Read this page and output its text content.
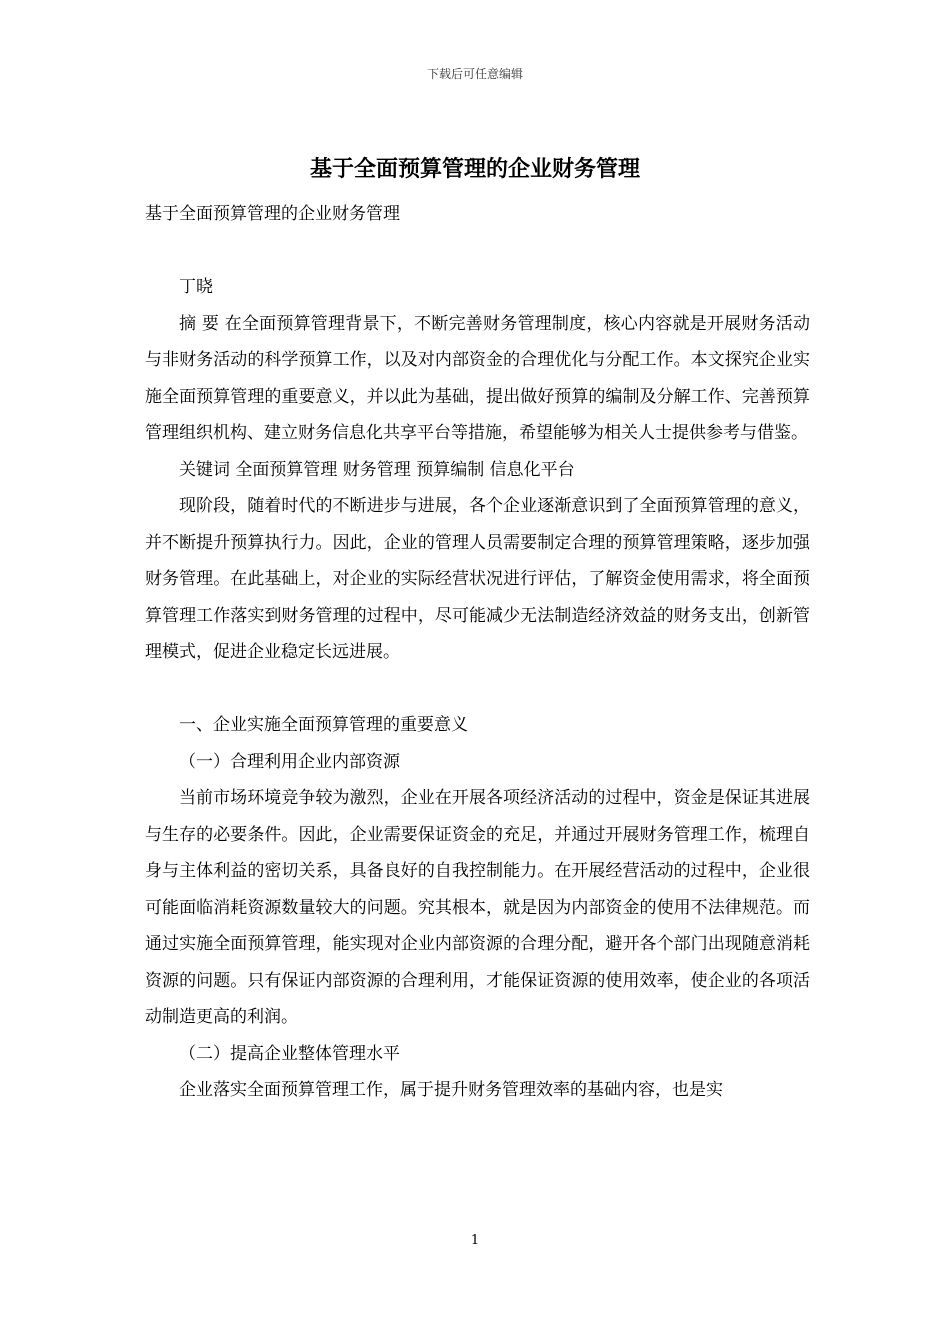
下载后可任意编辑
基于全面预算管理的企业财务管理

基于全面预算管理的企业财务管理

丁晓

摘 要 在全面预算管理背景下，不断完善财务管理制度，核心内容就是开展财务活动与非财务活动的科学预算工作，以及对内部资金的合理优化与分配工作。本文探究企业实施全面预算管理的重要意义，并以此为基础，提出做好预算的编制及分解工作、完善预算管理组织机构、建立财务信息化共享平台等措施，希望能够为相关人士提供参考与借鉴。

关键词 全面预算管理 财务管理 预算编制 信息化平台

现阶段，随着时代的不断进步与进展，各个企业逐渐意识到了全面预算管理的意义，并不断提升预算执行力。因此，企业的管理人员需要制定合理的预算管理策略，逐步加强财务管理。在此基础上，对企业的实际经营状况进行评估，了解资金使用需求，将全面预算管理工作落实到财务管理的过程中，尽可能减少无法制造经济效益的财务支出，创新管理模式，促进企业稳定长远进展。

一、企业实施全面预算管理的重要意义

（一）合理利用企业内部资源

当前市场环境竞争较为激烈，企业在开展各项经济活动的过程中，资金是保证其进展与生存的必要条件。因此，企业需要保证资金的充足，并通过开展财务管理工作，梳理自身与主体利益的密切关系，具备良好的自我控制能力。在开展经营活动的过程中，企业很可能面临消耗资源数量较大的问题。究其根本，就是因为内部资金的使用不法律规范。而通过实施全面预算管理，能实现对企业内部资源的合理分配，避开各个部门出现随意消耗资源的问题。只有保证内部资源的合理利用，才能保证资源的使用效率，使企业的各项活动制造更高的利润。

（二）提高企业整体管理水平

企业落实全面预算管理工作，属于提升财务管理效率的基础内容，也是实

1
